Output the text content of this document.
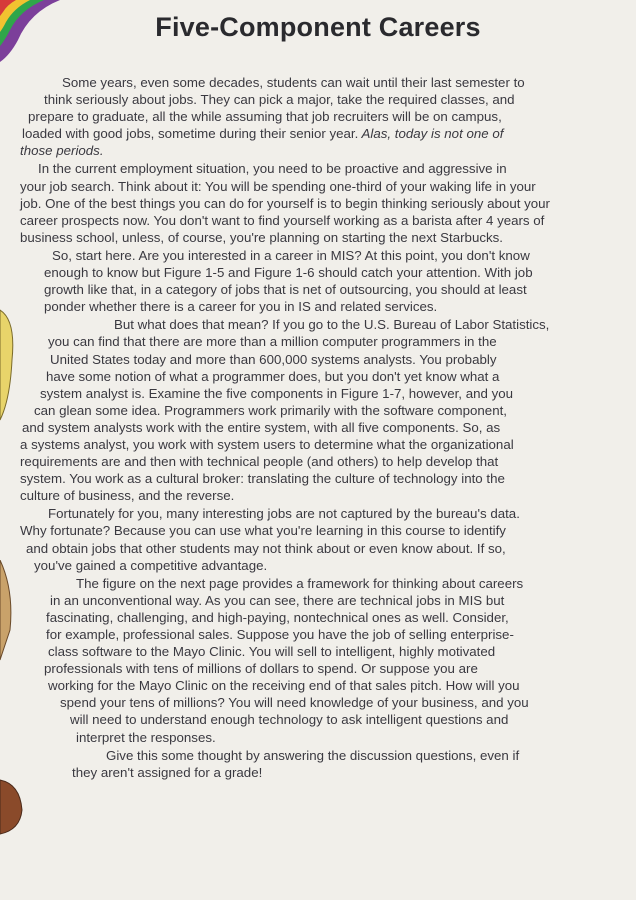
Five-Component Careers
Some years, even some decades, students can wait until their last semester to
think seriously about jobs. They can pick a major, take the required classes, and
prepare to graduate, all the while assuming that job recruiters will be on campus,
loaded with good jobs, sometime during their senior year. Alas, today is not one of
those periods.
In the current employment situation, you need to be proactive and aggressive in
your job search. Think about it: You will be spending one-third of your waking life in your
job. One of the best things you can do for yourself is to begin thinking seriously about your
career prospects now. You don't want to find yourself working as a barista after 4 years of
business school, unless, of course, you're planning on starting the next Starbucks.
So, start here. Are you interested in a career in MIS? At this point, you don't know
enough to know but Figure 1-5 and Figure 1-6 should catch your attention. With job
growth like that, in a category of jobs that is net of outsourcing, you should at least
ponder whether there is a career for you in IS and related services.
But what does that mean? If you go to the U.S. Bureau of Labor Statistics,
you can find that there are more than a million computer programmers in the
United States today and more than 600,000 systems analysts. You probably
have some notion of what a programmer does, but you don't yet know what a
system analyst is. Examine the five components in Figure 1-7, however, and you
can glean some idea. Programmers work primarily with the software component,
and system analysts work with the entire system, with all five components. So, as
a systems analyst, you work with system users to determine what the organizational
requirements are and then with technical people (and others) to help develop that
system. You work as a cultural broker: translating the culture of technology into the
culture of business, and the reverse.
Fortunately for you, many interesting jobs are not captured by the bureau's data.
Why fortunate? Because you can use what you're learning in this course to identify
and obtain jobs that other students may not think about or even know about. If so,
you've gained a competitive advantage.
The figure on the next page provides a framework for thinking about careers
in an unconventional way. As you can see, there are technical jobs in MIS but
fascinating, challenging, and high-paying, nontechnical ones as well. Consider,
for example, professional sales. Suppose you have the job of selling enterprise-
class software to the Mayo Clinic. You will sell to intelligent, highly motivated
professionals with tens of millions of dollars to spend. Or suppose you are
working for the Mayo Clinic on the receiving end of that sales pitch. How will you
spend your tens of millions? You will need knowledge of your business, and you
will need to understand enough technology to ask intelligent questions and
interpret the responses.
Give this some thought by answering the discussion questions, even if
they aren't assigned for a grade!
